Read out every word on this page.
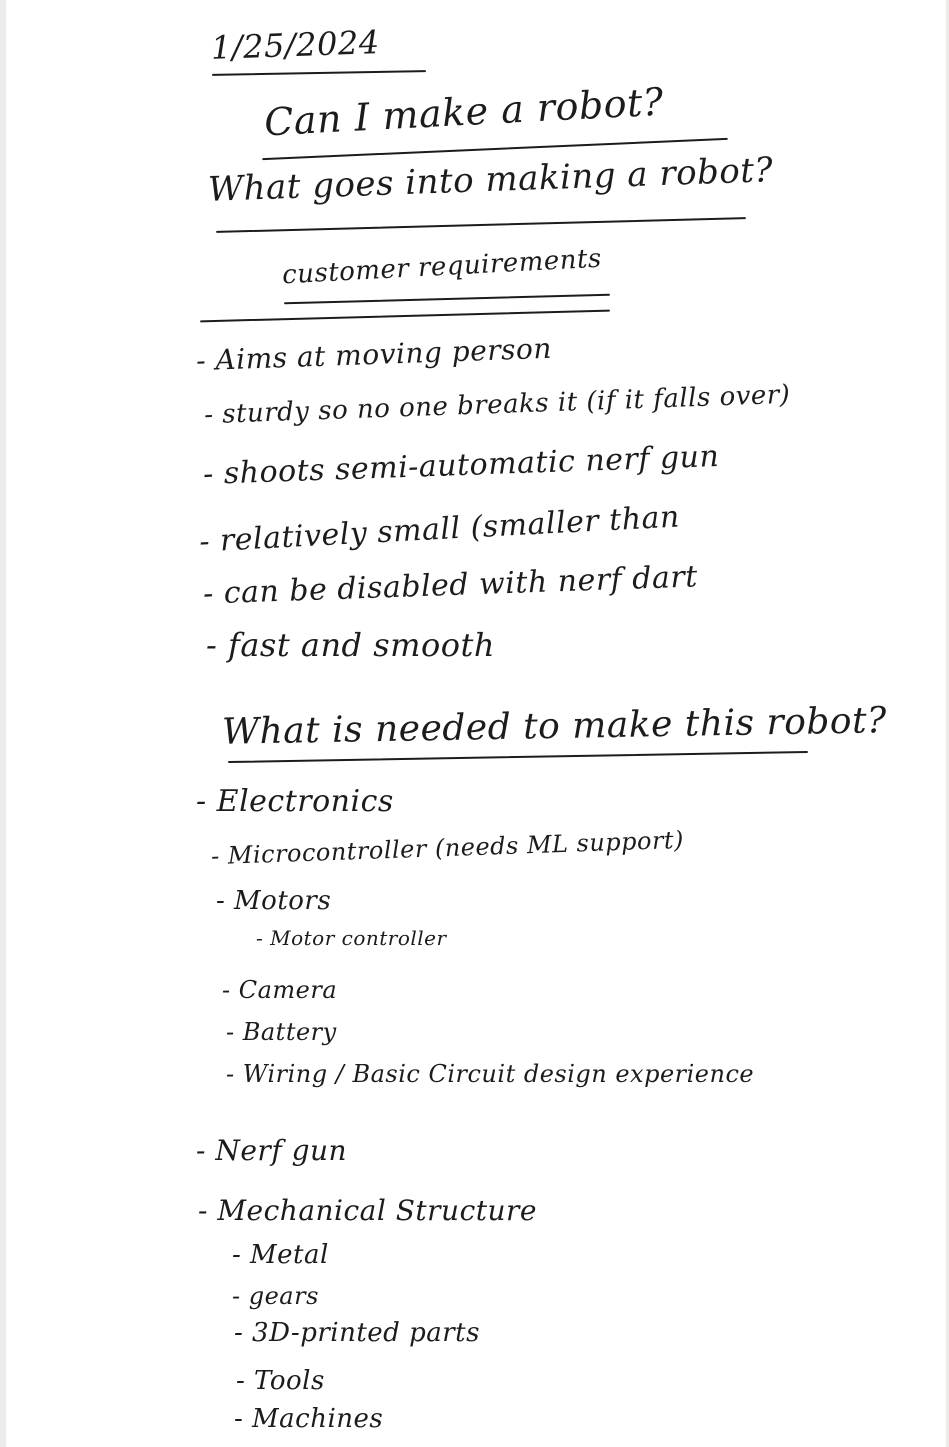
1/25/2024
Can I make a robot?
What goes into making a robot?
customer requirements
- Aims at moving person
- sturdy so no one breaks it (if it falls over)
- shoots semi-automatic nerf gun
- relatively small (smaller than
- can be disabled with nerf dart
- fast and smooth
What is needed to make this robot?
- Electronics
- Microcontroller (needs ML support)
- Motors
- Motor controller
- Camera
- Battery
- Wiring / Basic Circuit design experience
- Nerf gun
- Mechanical Structure
- Metal
- gears
- 3D-printed parts
- Tools
- Machines
